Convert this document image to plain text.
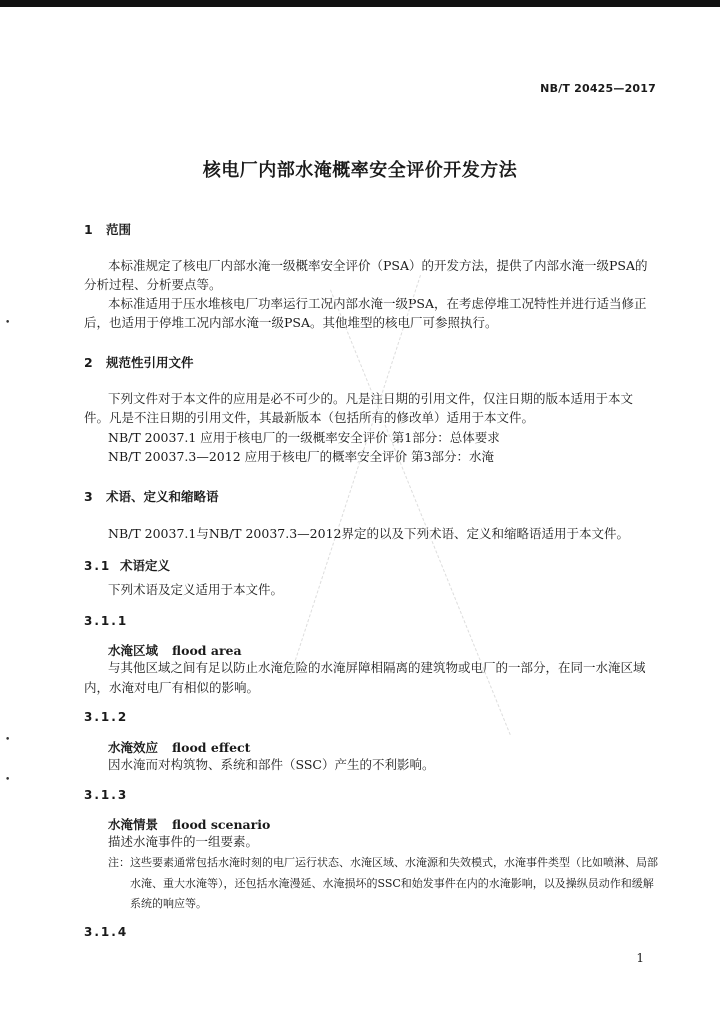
NB/T 20425—2017
核电厂内部水淹概率安全评价开发方法
1 范围
本标准规定了核电厂内部水淹一级概率安全评价（PSA）的开发方法，提供了内部水淹一级PSA的
分析过程、分析要点等。
本标准适用于压水堆核电厂功率运行工况内部水淹一级PSA，在考虑停堆工况特性并进行适当修正
后，也适用于停堆工况内部水淹一级PSA。其他堆型的核电厂可参照执行。
2 规范性引用文件
下列文件对于本文件的应用是必不可少的。凡是注日期的引用文件，仅注日期的版本适用于本文
件。凡是不注日期的引用文件，其最新版本（包括所有的修改单）适用于本文件。
NB/T 20037.1 应用于核电厂的一级概率安全评价 第1部分：总体要求
NB/T 20037.3—2012 应用于核电厂的概率安全评价 第3部分：水淹
3 术语、定义和缩略语
NB/T 20037.1与NB/T 20037.3—2012界定的以及下列术语、定义和缩略语适用于本文件。
3.1 术语定义
下列术语及定义适用于本文件。
3.1.1
水淹区域 flood area
与其他区域之间有足以防止水淹危险的水淹屏障相隔离的建筑物或电厂的一部分，在同一水淹区域
内，水淹对电厂有相似的影响。
3.1.2
水淹效应 flood effect
因水淹而对构筑物、系统和部件（SSC）产生的不利影响。
3.1.3
水淹情景 flood scenario
描述水淹事件的一组要素。
注：这些要素通常包括水淹时刻的电厂运行状态、水淹区域、水淹源和失效模式，水淹事件类型（比如喷淋、局部
水淹、重大水淹等），还包括水淹漫延、水淹损坏的SSC和始发事件在内的水淹影响，以及操纵员动作和缓解
系统的响应等。
3.1.4
1
•
•
•
